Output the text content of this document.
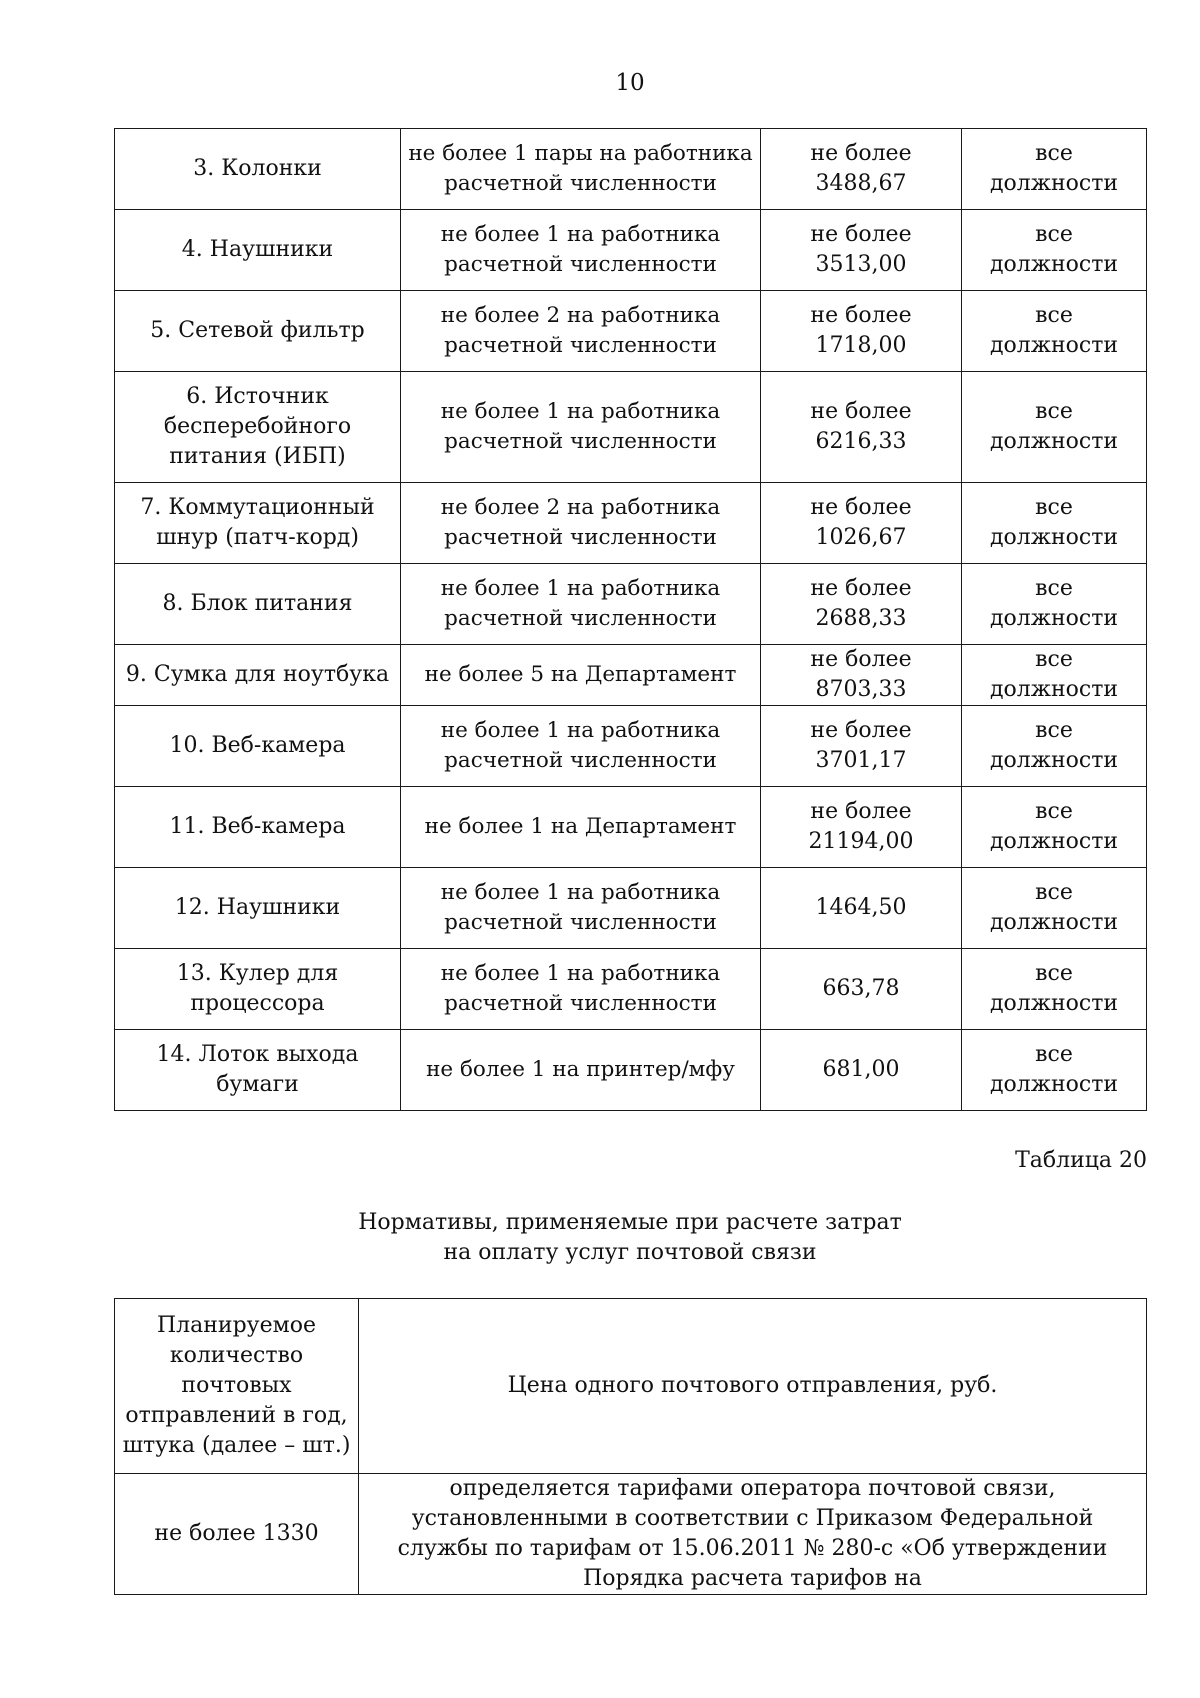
10
3. Колонки	не более 1 пары на работника расчетной численности	не более 3488,67	все должности
4. Наушники	не более 1 на работника расчетной численности	не более 3513,00	все должности
5. Сетевой фильтр	не более 2 на работника расчетной численности	не более 1718,00	все должности
6. Источник бесперебойного питания (ИБП)	не более 1 на работника расчетной численности	не более 6216,33	все должности
7. Коммутационный шнур (патч-корд)	не более 2 на работника расчетной численности	не более 1026,67	все должности
8. Блок питания	не более 1 на работника расчетной численности	не более 2688,33	все должности
9. Сумка для ноутбука	не более 5 на Департамент	не более 8703,33	все должности
10. Веб-камера	не более 1 на работника расчетной численности	не более 3701,17	все должности
11. Веб-камера	не более 1 на Департамент	не более 21194,00	все должности
12. Наушники	не более 1 на работника расчетной численности	1464,50	все должности
13. Кулер для процессора	не более 1 на работника расчетной численности	663,78	все должности
14. Лоток выхода бумаги	не более 1 на принтер/мфу	681,00	все должности
Таблица 20
Нормативы, применяемые при расчете затрат
на оплату услуг почтовой связи
Планируемое количество почтовых отправлений в год, штука (далее – шт.)	Цена одного почтового отправления, руб.
не более 1330	определяется тарифами оператора почтовой связи, установленными в соответствии с Приказом Федеральной службы по тарифам от 15.06.2011 № 280-с «Об утверждении Порядка расчета тарифов на
